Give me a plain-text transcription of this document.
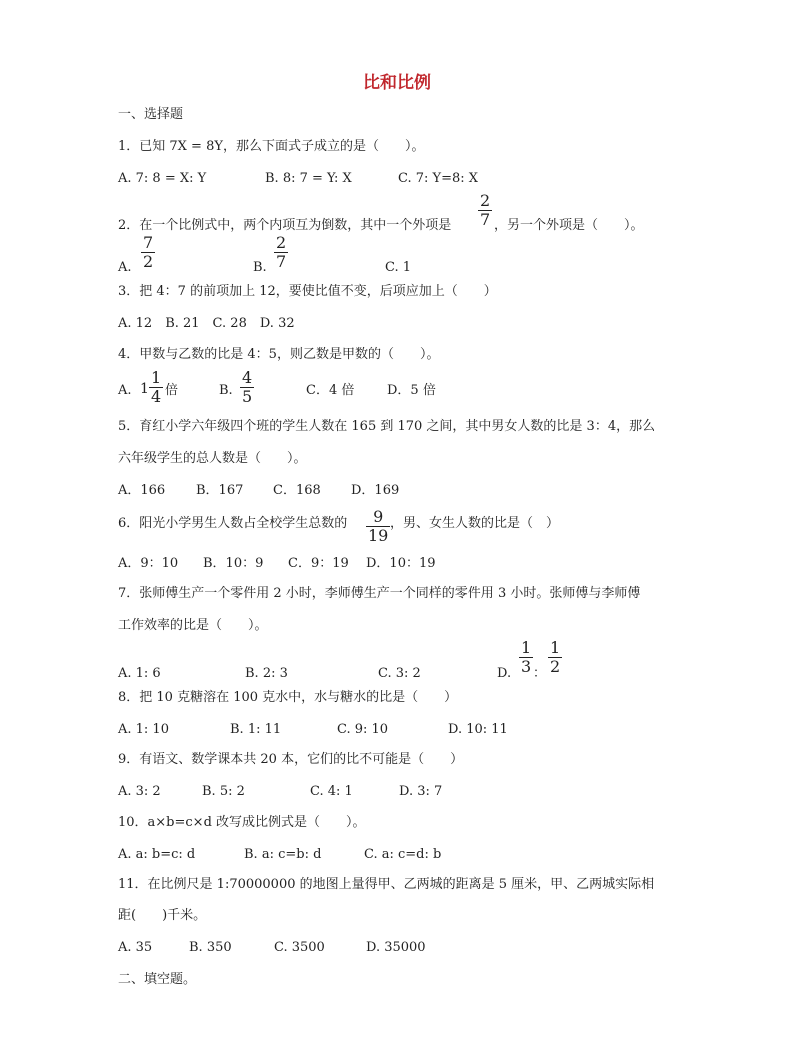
比和比例
一、选择题
1．已知 7X = 8Y，那么下面式子成立的是（　　）。
A. 7: 8 = X: Y	B. 8: 7 = Y: X	C. 7: Y=8: X
2．在一个比例式中，两个内项互为倒数，其中一个外项是 $\frac{2}{7}$ ，另一个外项是（　　）。
A. $\frac{7}{2}$	B. $\frac{2}{7}$	C. 1
3．把 4：7 的前项加上 12，要使比值不变，后项应加上（　　）
A. 12　B. 21　C. 28　D. 32
4．甲数与乙数的比是 4：5，则乙数是甲数的（　　）。
A. $1 \frac{1}{4}$ 倍	B. $\frac{4}{5}$	C．4 倍	D．5 倍
5．育红小学六年级四个班的学生人数在 165 到 170 之间，其中男女人数的比是 3：4，那么
六年级学生的总人数是（　　）。
A．166 B．167 C．168 D．169
6．阳光小学男生人数占全校学生总数的 $\frac{9}{19}$ ，男、女生人数的比是（　）
A．9：10 B．10：9 C．9：19 D．10：19
7．张师傅生产一个零件用 2 小时，李师傅生产一个同样的零件用 3 小时。张师傅与李师傅
工作效率的比是（　　）。
A. 1: 6	B. 2: 3	C. 3: 2	D. $\frac{1}{3}$ ： $\frac{1}{2}$
8．把 10 克糖溶在 100 克水中，水与糖水的比是（　　）
A. 1: 10	B. 1: 11	C. 9: 10	D. 10: 11
9．有语文、数学课本共 20 本，它们的比不可能是（　　）
A. 3: 2	B. 5: 2	C. 4: 1	D. 3: 7
10．a×b=c×d 改写成比例式是（　　）。
A. a: b=c: d	B. a: c=b: d	C. a: c=d: b
11．在比例尺是 1:70000000 的地图上量得甲、乙两城的距离是 5 厘米，甲、乙两城实际相
距(　　)千米。
A. 35	B. 350	C. 3500	D. 35000
二、填空题。
